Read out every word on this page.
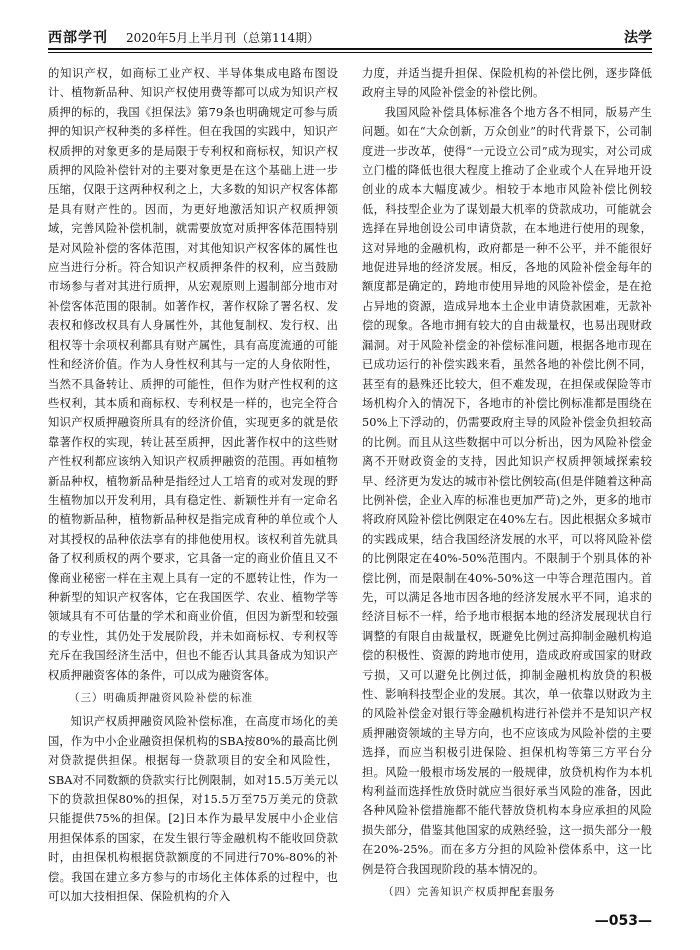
西部学刊 2020年5月上半月刊（总第114期）	法学

的知识产权，如商标工业产权、半导体集成电路布图设计、植物新品种、知识产权使用费等都可以成为知识产权质押的标的，我国《担保法》第79条也明确规定可参与质押的知识产权种类的多样性。但在我国的实践中，知识产权质押的对象更多的是局限于专利权和商标权，知识产权质押的风险补偿针对的主要对象更是在这个基础上进一步压缩，仅限于这两种权利之上，大多数的知识产权客体都是具有财产性的。因而，为更好地激活知识产权质押领域，完善风险补偿机制，就需要放宽对质押客体范围特别是对风险补偿的客体范围，对其他知识产权客体的属性也应当进行分析。符合知识产权质押条件的权利，应当鼓励市场参与者对其进行质押，从宏观原则上遏制部分地市对补偿客体范围的限制。如著作权，著作权除了署名权、发表权和修改权具有人身属性外，其他复制权、发行权、出租权等十余项权利都具有财产属性，具有高度流通的可能性和经济价值。作为人身性权利其与一定的人身依附性，当然不具备转让、质押的可能性，但作为财产性权利的这些权利，其本质和商标权、专利权是一样的，也完全符合知识产权质押融资所具有的经济价值，实现更多的就是依靠著作权的实现，转让甚至质押，因此著作权中的这些财产性权利都应该纳入知识产权质押融资的范围。再如植物新品种权，植物新品种是指经过人工培育的或对发现的野生植物加以开发利用，具有稳定性、新颖性并有一定命名的植物新品种，植物新品种权是指完成育种的单位或个人对其授权的品种依法享有的排他使用权。该权利首先就具备了权利质权的两个要求，它具备一定的商业价值且又不像商业秘密一样在主观上具有一定的不愿转让性，作为一种新型的知识产权客体，它在我国医学、农业、植物学等领域具有不可估量的学术和商业价值，但因为新型和较强的专业性，其仍处于发展阶段，并未如商标权、专利权等充斥在我国经济生活中，但也不能否认其具备成为知识产权质押融资客体的条件，可以成为融资客体。

（三）明确质押融资风险补偿的标准

知识产权质押融资风险补偿标准，在高度市场化的美国，作为中小企业融资担保机构的SBA按80%的最高比例对贷款提供担保。根据每一贷款项目的安全和风险性，SBA对不同数额的贷款实行比例限制，如对15.5万美元以下的贷款担保80%的担保，对15.5万至75万美元的贷款只能提供75%的担保。[2]日本作为最早发展中小企业信用担保体系的国家，在发生银行等金融机构不能收回贷款时，由担保机构根据贷款额度的不同进行70%-80%的补偿。我国在建立多方参与的市场化主体体系的过程中，也可以加大技相担保、保险机构的介入

力度，并适当提升担保、保险机构的补偿比例，逐步降低政府主导的风险补偿金的补偿比例。

我国风险补偿具体标准各个地方各不相同，版易产生问题。如在“大众创新，万众创业”的时代背景下，公司制度进一步改革，使得“一元设立公司”成为现实，对公司成立门槛的降低也很大程度上推动了企业或个人在异地开设创业的成本大幅度减少。相较于本地市风险补偿比例较低，科技型企业为了谋划最大机率的贷款成功，可能就会选择在异地创设公司申请贷款，在本地进行使用的现象，这对异地的金融机构，政府都是一种不公平，并不能很好地促进异地的经济发展。相反，各地的风险补偿金每年的额度都是确定的，跨地市使用异地的风险补偿金，是在抢占异地的资源，造成异地本土企业申请贷款困难，无款补偿的现象。各地市拥有较大的自由裁量权，也易出现财政漏洞。对于风险补偿金的补偿标准问题，根据各地市现在已成功运行的补偿实践来看，虽然各地的补偿比例不同，甚至有的悬殊还比较大，但不难发现，在担保或保险等市场机构介入的情况下，各地市的补偿比例标准都是围绕在50%上下浮动的，仍需要政府主导的风险补偿金负担较高的比例。而且从这些数据中可以分析出，因为风险补偿金离不开财政资金的支持，因此知识产权质押领域探索较早、经济更为发达的城市补偿比例较高(但是伴随着这种高比例补偿，企业入库的标准也更加严苛)之外，更多的地市将政府风险补偿比例限定在40%左右。因此根据众多城市的实践成果，结合我国经济发展的水平，可以将风险补偿的比例限定在40%-50%范围内。不限制于个别具体的补偿比例，而是限制在40%-50%这一中等合理范围内。首先，可以满足各地市因各地的经济发展水平不同，追求的经济目标不一样，给予地市根据本地的经济发展现状自行调整的有限自由裁量权，既避免比例过高抑制金融机构追偿的积极性、资源的跨地市使用，造成政府或国家的财政亏损，又可以避免比例过低，抑制金融机构放贷的积极性、影响科技型企业的发展。其次，单一依靠以财政为主的风险补偿金对银行等金融机构进行补偿并不是知识产权质押融资领域的主导方向，也不应该成为风险补偿的主要选择，而应当积极引进保险、担保机构等第三方平台分担。风险一般根市场发展的一般规律，放贷机构作为本机构利益而选择性放贷时就应当很好承当风险的准备，因此各种风险补偿措施都不能代替放贷机构本身应承担的风险损失部分，借鉴其他国家的成熟经验，这一损失部分一般在20%-25%。而在多方分担的风险补偿体系中，这一比例是符合我国现阶段的基本情况的。

（四）完善知识产权质押配套服务
—053—
